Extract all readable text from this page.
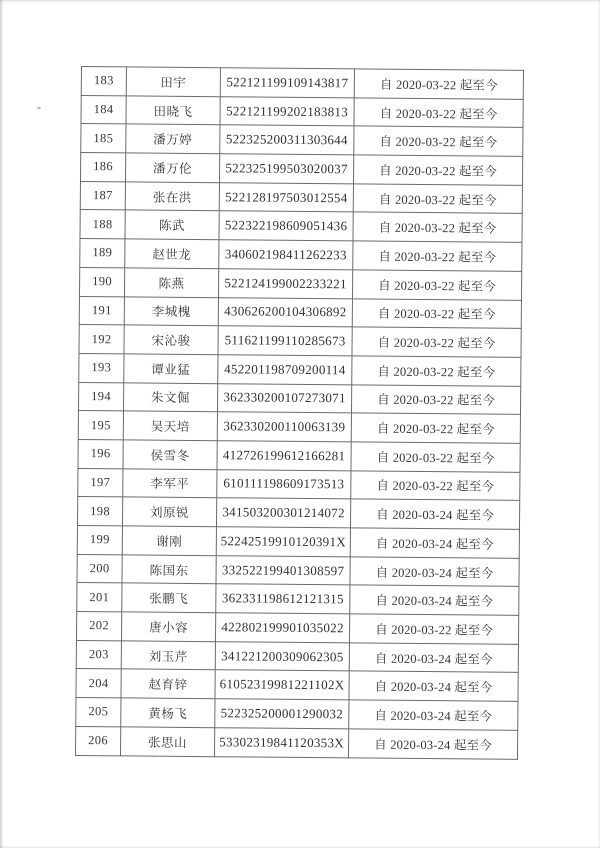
183	田宇	522121199109143817	自 2020-03-22 起至今
184	田晓飞	522121199202183813	自 2020-03-22 起至今
185	潘万婷	522325200311303644	自 2020-03-22 起至今
186	潘万伦	522325199503020037	自 2020-03-22 起至今
187	张在洪	522128197503012554	自 2020-03-22 起至今
188	陈武	522322198609051436	自 2020-03-22 起至今
189	赵世龙	340602198411262233	自 2020-03-22 起至今
190	陈燕	522124199002233221	自 2020-03-22 起至今
191	李城槐	430626200104306892	自 2020-03-22 起至今
192	宋沁骏	511621199110285673	自 2020-03-22 起至今
193	谭业猛	452201198709200114	自 2020-03-22 起至今
194	朱文倔	362330200107273071	自 2020-03-22 起至今
195	吴天培	362330200110063139	自 2020-03-22 起至今
196	侯雪冬	412726199612166281	自 2020-03-22 起至今
197	李军平	610111198609173513	自 2020-03-22 起至今
198	刘原锐	341503200301214072	自 2020-03-24 起至今
199	谢刚	52242519910120391X	自 2020-03-24 起至今
200	陈国东	332522199401308597	自 2020-03-24 起至今
201	张鹏飞	362331198612121315	自 2020-03-24 起至今
202	唐小容	422802199901035022	自 2020-03-22 起至今
203	刘玉芹	341221200309062305	自 2020-03-24 起至今
204	赵育锌	61052319981221102X	自 2020-03-24 起至今
205	黄杨飞	522325200001290032	自 2020-03-24 起至今
206	张思山	53302319841120353X	自 2020-03-24 起至今
